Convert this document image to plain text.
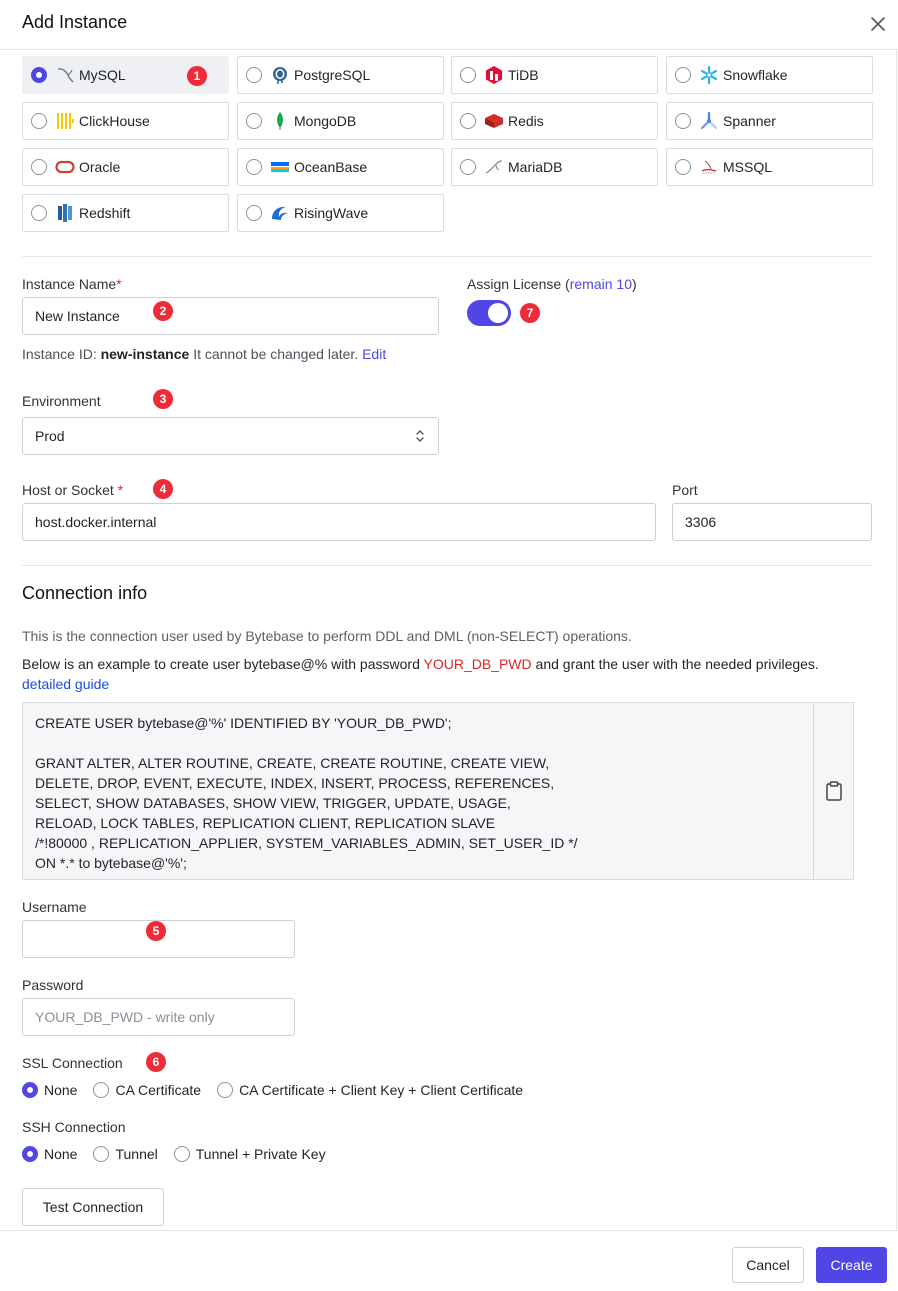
Add Instance
MySQL	PostgreSQL	TiDB	Snowflake
ClickHouse	MongoDB	Redis	Spanner
Oracle	OceanBase	MariaDB	MSSQL
Redshift	RisingWave
1
Instance Name*
New Instance	2
Instance ID: new-instance It cannot be changed later. Edit
Assign License (remain 10)
7
Environment	3
Prod
Host or Socket *	4
host.docker.internal
Port
3306
Connection info
This is the connection user used by Bytebase to perform DDL and DML (non-SELECT) operations.
Below is an example to create user bytebase@% with password YOUR_DB_PWD and grant the user with the needed privileges.
detailed guide
CREATE USER bytebase@'%' IDENTIFIED BY 'YOUR_DB_PWD';

GRANT ALTER, ALTER ROUTINE, CREATE, CREATE ROUTINE, CREATE VIEW,
DELETE, DROP, EVENT, EXECUTE, INDEX, INSERT, PROCESS, REFERENCES,
SELECT, SHOW DATABASES, SHOW VIEW, TRIGGER, UPDATE, USAGE,
RELOAD, LOCK TABLES, REPLICATION CLIENT, REPLICATION SLAVE
/*!80000 , REPLICATION_APPLIER, SYSTEM_VARIABLES_ADMIN, SET_USER_ID */
ON *.* to bytebase@'%';
Username
5
Password
YOUR_DB_PWD - write only
SSL Connection	6
None	CA Certificate	CA Certificate + Client Key + Client Certificate
SSH Connection
None	Tunnel	Tunnel + Private Key
Test Connection
Cancel	Create
